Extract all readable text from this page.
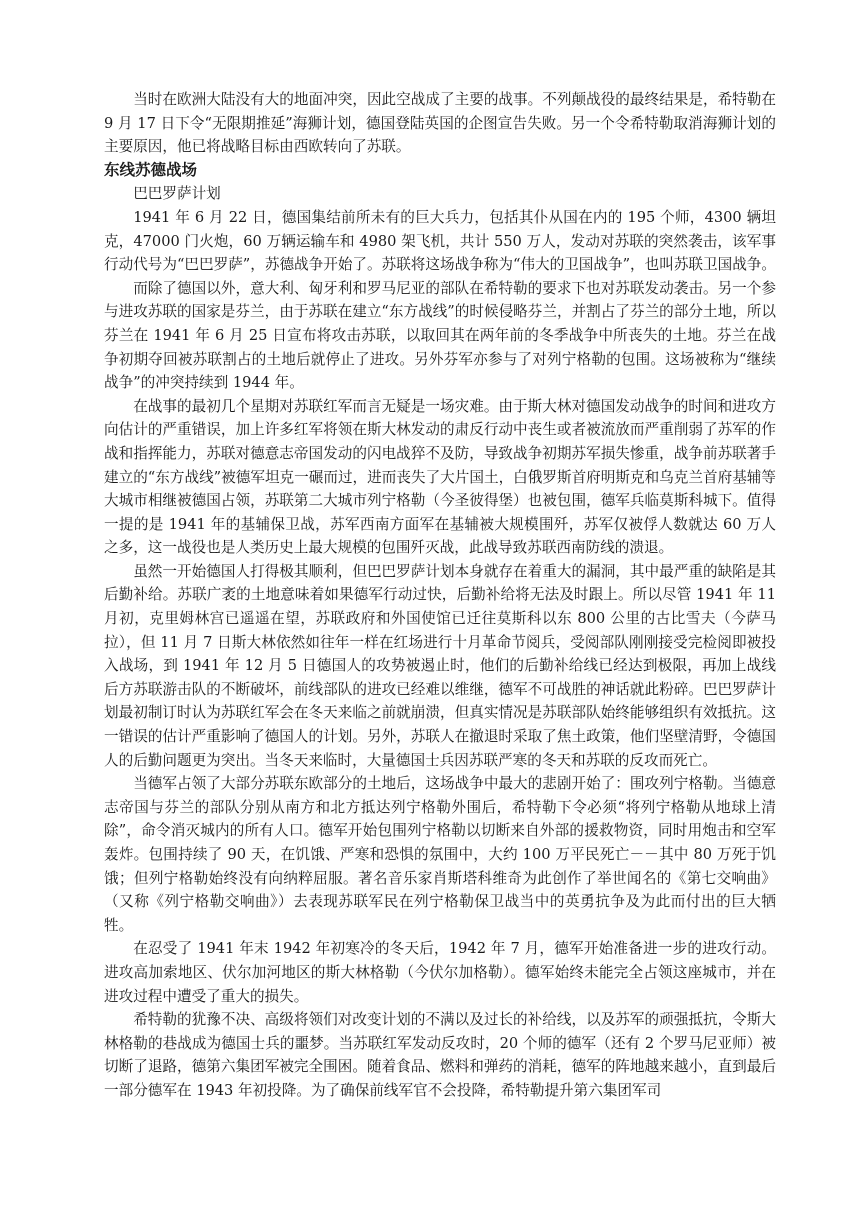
当时在欧洲大陆没有大的地面冲突，因此空战成了主要的战事。不列颠战役的最终结果是，希特勒在 9 月 17 日下令“无限期推延”海狮计划，德国登陆英国的企图宣告失败。另一个令希特勒取消海狮计划的主要原因，他已将战略目标由西欧转向了苏联。

东线苏德战场

巴巴罗萨计划

1941 年 6 月 22 日，德国集结前所未有的巨大兵力，包括其仆从国在内的 195 个师，4300 辆坦克，47000 门火炮，60 万辆运输车和 4980 架飞机，共计 550 万人，发动对苏联的突然袭击，该军事行动代号为“巴巴罗萨”，苏德战争开始了。苏联将这场战争称为“伟大的卫国战争”，也叫苏联卫国战争。

而除了德国以外，意大利、匈牙利和罗马尼亚的部队在希特勒的要求下也对苏联发动袭击。另一个参与进攻苏联的国家是芬兰，由于苏联在建立“东方战线”的时候侵略芬兰，并割占了芬兰的部分土地，所以芬兰在 1941 年 6 月 25 日宣布将攻击苏联，以取回其在两年前的冬季战争中所丧失的土地。芬兰在战争初期夺回被苏联割占的土地后就停止了进攻。另外芬军亦参与了对列宁格勒的包围。这场被称为“继续战争”的冲突持续到 1944 年。

在战事的最初几个星期对苏联红军而言无疑是一场灾难。由于斯大林对德国发动战争的时间和进攻方向估计的严重错误，加上许多红军将领在斯大林发动的肃反行动中丧生或者被流放而严重削弱了苏军的作战和指挥能力，苏联对德意志帝国发动的闪电战猝不及防，导致战争初期苏军损失惨重，战争前苏联著手建立的“东方战线”被德军坦克一碾而过，进而丧失了大片国土，白俄罗斯首府明斯克和乌克兰首府基辅等大城市相继被德国占领，苏联第二大城市列宁格勒（今圣彼得堡）也被包围，德军兵临莫斯科城下。值得一提的是 1941 年的基辅保卫战，苏军西南方面军在基辅被大规模围歼，苏军仅被俘人数就达 60 万人之多，这一战役也是人类历史上最大规模的包围歼灭战，此战导致苏联西南防线的溃退。

虽然一开始德国人打得极其顺利，但巴巴罗萨计划本身就存在着重大的漏洞，其中最严重的缺陷是其后勤补给。苏联广袤的土地意味着如果德军行动过快，后勤补给将无法及时跟上。所以尽管 1941 年 11 月初，克里姆林宫已遥遥在望，苏联政府和外国使馆已迁往莫斯科以东 800 公里的古比雪夫（今萨马拉），但 11 月 7 日斯大林依然如往年一样在红场进行十月革命节阅兵，受阅部队刚刚接受完检阅即被投入战场，到 1941 年 12 月 5 日德国人的攻势被遏止时，他们的后勤补给线已经达到极限，再加上战线后方苏联游击队的不断破坏，前线部队的进攻已经难以维继，德军不可战胜的神话就此粉碎。巴巴罗萨计划最初制订时认为苏联红军会在冬天来临之前就崩溃，但真实情况是苏联部队始终能够组织有效抵抗。这一错误的估计严重影响了德国人的计划。另外，苏联人在撤退时采取了焦土政策，他们坚壁清野，令德国人的后勤问题更为突出。当冬天来临时，大量德国士兵因苏联严寒的冬天和苏联的反攻而死亡。

当德军占领了大部分苏联东欧部分的土地后，这场战争中最大的悲剧开始了：围攻列宁格勒。当德意志帝国与芬兰的部队分别从南方和北方抵达列宁格勒外围后，希特勒下令必须“将列宁格勒从地球上清除”，命令消灭城内的所有人口。德军开始包围列宁格勒以切断来自外部的援救物资，同时用炮击和空军轰炸。包围持续了 90 天，在饥饿、严寒和恐惧的氛围中，大约 100 万平民死亡－－其中 80 万死于饥饿；但列宁格勒始终没有向纳粹屈服。著名音乐家肖斯塔科维奇为此创作了举世闻名的《第七交响曲》（又称《列宁格勒交响曲》）去表现苏联军民在列宁格勒保卫战当中的英勇抗争及为此而付出的巨大牺牲。

在忍受了 1941 年末 1942 年初寒冷的冬天后，1942 年 7 月，德军开始准备进一步的进攻行动。进攻高加索地区、伏尔加河地区的斯大林格勒（今伏尔加格勒）。德军始终未能完全占领这座城市，并在进攻过程中遭受了重大的损失。

希特勒的犹豫不决、高级将领们对改变计划的不满以及过长的补给线，以及苏军的顽强抵抗，令斯大林格勒的巷战成为德国士兵的噩梦。当苏联红军发动反攻时，20 个师的德军（还有 2 个罗马尼亚师）被切断了退路，德第六集团军被完全围困。随着食品、燃料和弹药的消耗，德军的阵地越来越小，直到最后一部分德军在 1943 年初投降。为了确保前线军官不会投降，希特勒提升第六集团军司
